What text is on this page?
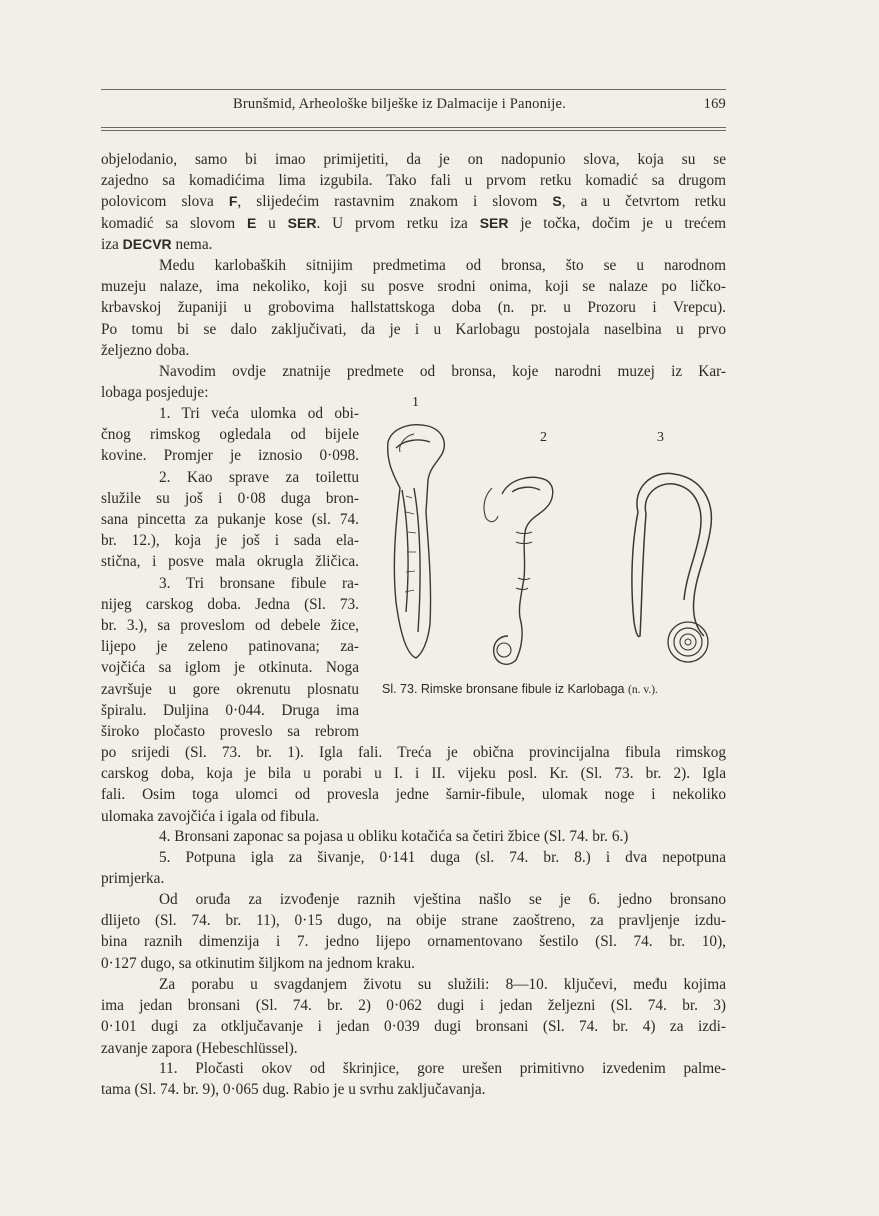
Brunšmid, Arheološke bilješke iz Dalmacije i Panonije.	169

objelodanio, samo bi imao primijetiti, da je on nadopunio slova, koja su se

zajedno sa komadićima lima izgubila. Tako fali u prvom retku komadić sa drugom

polovicom slova F, slijedećim rastavnim znakom i slovom S, a u četvrtom retku

komadić sa slovom E u SER. U prvom retku iza SER je točka, dočim je u trećem

iza DECVR nema.

Medu karlobaških sitnijim predmetima od bronsa, što se u narodnom

muzeju nalaze, ima nekoliko, koji su posve srodni onima, koji se nalaze po ličko-

krbavskoj županiji u grobovima hallstattskoga doba (n. pr. u Prozoru i Vrepcu).

Po tomu bi se dalo zaključivati, da je i u Karlobagu postojala naselbina u prvo

željezno doba.

Navodim ovdje znatnije predmete od bronsa, koje narodni muzej iz Kar-

lobaga posjeduje:

1. Tri veća ulomka od obi-

čnog rimskog ogledala od bijele

kovine. Promjer je iznosio 0·098.

2. Kao sprave za toilettu

služile su još i 0·08 duga bron-

sana pincetta za pukanje kose (sl. 74.

br. 12.), koja je još i sada ela-

stična, i posve mala okrugla žličica.

3. Tri bronsane fibule ra-

nijeg carskog doba. Jedna (Sl. 73.

br. 3.), sa proveslom od debele žice,

lijepo je zeleno patinovana; za-

vojčića sa iglom je otkinuta. Noga

završuje u gore okrenutu plosnatu

špiralu. Duljina 0·044. Druga ima

široko pločasto proveslo sa rebrom

po srijedi (Sl. 73. br. 1). Igla fali. Treća je obična provincijalna fibula rimskog

carskog doba, koja je bila u porabi u I. i II. vijeku posl. Kr. (Sl. 73. br. 2). Igla

fali. Osim toga ulomci od provesla jedne šarnir-fibule, ulomak noge i nekoliko

ulomaka zavojčića i igala od fibula.

4. Bronsani zaponac sa pojasa u obliku kotačića sa četiri žbice (Sl. 74. br. 6.)

5. Potpuna igla za šivanje, 0·141 duga (sl. 74. br. 8.) i dva nepotpuna

primjerka.

Od oruđa za izvođenje raznih vještina našlo se je 6. jedno bronsano

dlijeto (Sl. 74. br. 11), 0·15 dugo, na obije strane zaoštreno, za pravljenje izdu-

bina raznih dimenzija i 7. jedno lijepo ornamentovano šestilo (Sl. 74. br. 10),

0·127 dugo, sa otkinutim šiljkom na jednom kraku.

Za porabu u svagdanjem životu su služili: 8—10. ključevi, među kojima

ima jedan bronsani (Sl. 74. br. 2) 0·062 dugi i jedan željezni (Sl. 74. br. 3)

0·101 dugi za otključavanje i jedan 0·039 dugi bronsani (Sl. 74. br. 4) za izdi-

zavanje zapora (Hebeschlüssel).

11. Pločasti okov od škrinjice, gore urešen primitivno izvedenim palme-

tama (Sl. 74. br. 9), 0·065 dug. Rabio je u svrhu zaključavanja.

1
2	3
Sl. 73. Rimske bronsane fibule iz Karlobaga (n. v.).
